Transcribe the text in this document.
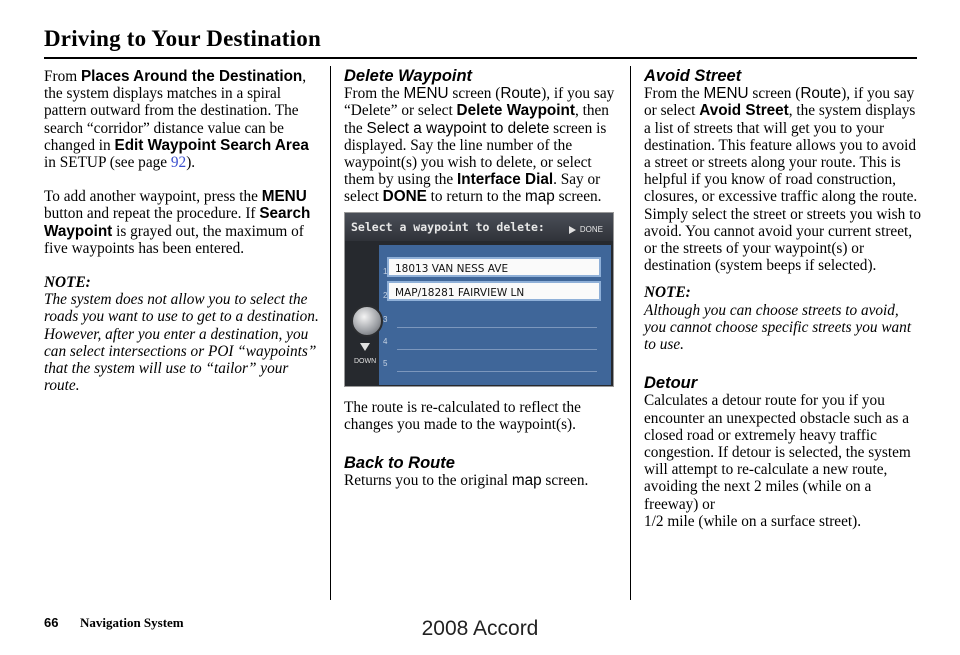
Driving to Your Destination

From Places Around the Destination, the system displays matches in a spiral pattern outward from the destination. The search “corridor” distance value can be changed in Edit Waypoint Search Area in SETUP (see page 92).

To add another waypoint, press the MENU button and repeat the procedure. If Search Waypoint is grayed out, the maximum of five waypoints has been entered.

NOTE:

The system does not allow you to select the roads you want to use to get to a destination. However, after you enter a destination, you can select intersections or POI “waypoints” that the system will use to “tailor” your route.

Delete Waypoint

From the MENU screen (Route), if you say “Delete” or select Delete Waypoint, then the Select a waypoint to delete screen is displayed. Say the line number of the waypoint(s) you wish to delete, or select them by using the Interface Dial. Say or select DONE to return to the map screen.

Select a waypoint to delete:	DONE
18013 VAN NESS AVE
MAP/18281 FAIRVIEW LN
1
2
3
4
5
DOWN

The route is re-calculated to reflect the changes you made to the waypoint(s).

Back to Route

Returns you to the original map screen.

Avoid Street

From the MENU screen (Route), if you say or select Avoid Street, the system displays a list of streets that will get you to your destination. This feature allows you to avoid a street or streets along your route. This is helpful if you know of road construction, closures, or excessive traffic along the route. Simply select the street or streets you wish to avoid. You cannot avoid your current street, or the streets of your waypoint(s) or destination (system beeps if selected).

NOTE:

Although you can choose streets to avoid, you cannot choose specific streets you want to use.

Detour

Calculates a detour route for you if you encounter an unexpected obstacle such as a closed road or extremely heavy traffic congestion. If detour is selected, the system will attempt to re-calculate a new route, avoiding the next 2 miles (while on a freeway) or

1/2 mile (while on a surface street).

66 Navigation System	2008 Accord
